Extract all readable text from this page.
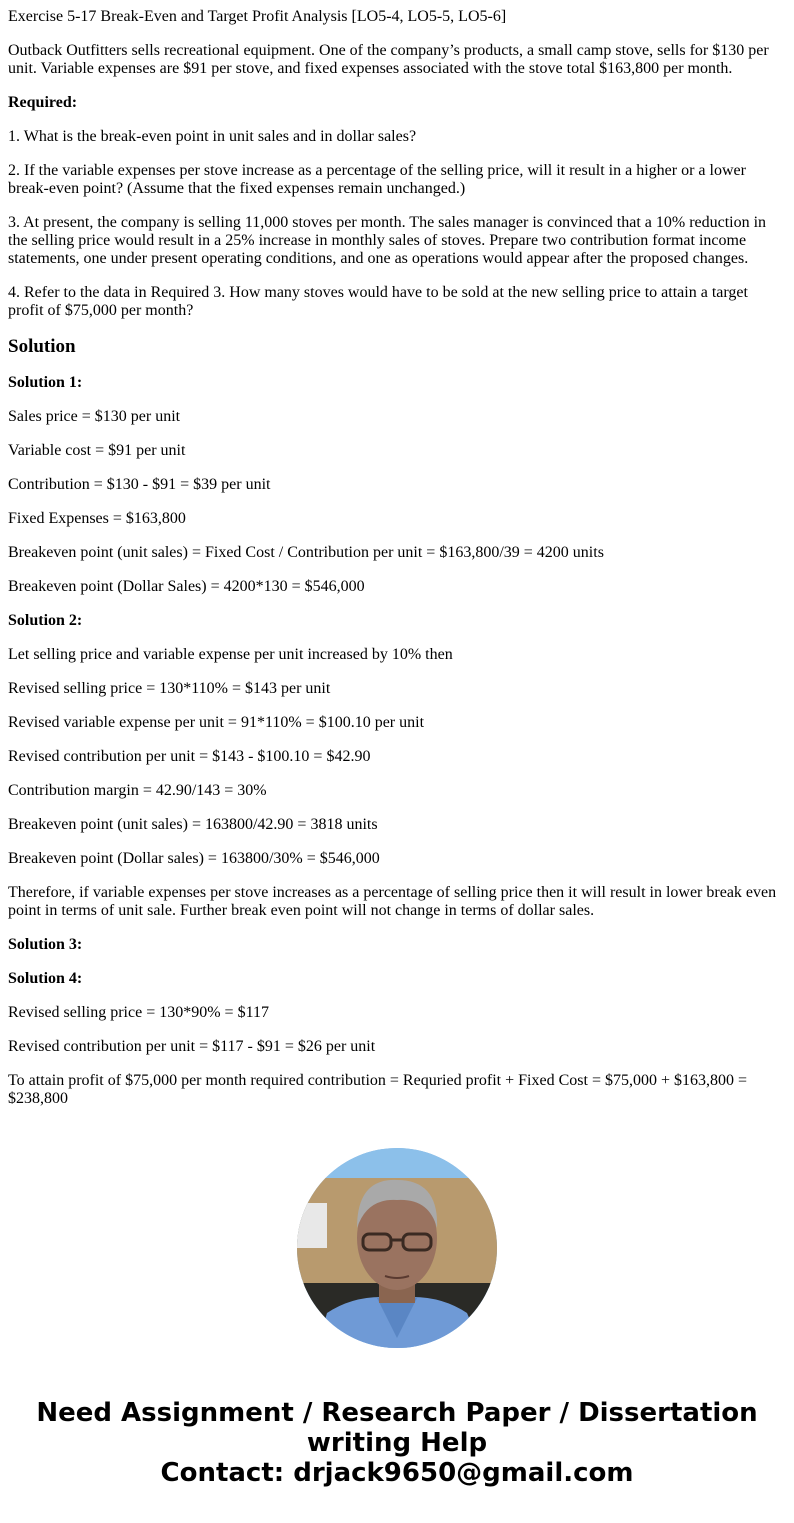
Exercise 5-17 Break-Even and Target Profit Analysis [LO5-4, LO5-5, LO5-6]

Outback Outfitters sells recreational equipment. One of the company’s products, a small camp stove, sells for $130 per unit. Variable expenses are $91 per stove, and fixed expenses associated with the stove total $163,800 per month.

Required:

1. What is the break-even point in unit sales and in dollar sales?

2. If the variable expenses per stove increase as a percentage of the selling price, will it result in a higher or a lower break-even point? (Assume that the fixed expenses remain unchanged.)

3. At present, the company is selling 11,000 stoves per month. The sales manager is convinced that a 10% reduction in the selling price would result in a 25% increase in monthly sales of stoves. Prepare two contribution format income statements, one under present operating conditions, and one as operations would appear after the proposed changes.

4. Refer to the data in Required 3. How many stoves would have to be sold at the new selling price to attain a target profit of $75,000 per month?

Solution

Solution 1:

Sales price = $130 per unit

Variable cost = $91 per unit

Contribution = $130 - $91 = $39 per unit

Fixed Expenses = $163,800

Breakeven point (unit sales) = Fixed Cost / Contribution per unit = $163,800/39 = 4200 units

Breakeven point (Dollar Sales) = 4200*130 = $546,000

Solution 2:

Let selling price and variable expense per unit increased by 10% then

Revised selling price = 130*110% = $143 per unit

Revised variable expense per unit = 91*110% = $100.10 per unit

Revised contribution per unit = $143 - $100.10 = $42.90

Contribution margin = 42.90/143 = 30%

Breakeven point (unit sales) = 163800/42.90 = 3818 units

Breakeven point (Dollar sales) = 163800/30% = $546,000

Therefore, if variable expenses per stove increases as a percentage of selling price then it will result in lower break even point in terms of unit sale. Further break even point will not change in terms of dollar sales.

Solution 3:

Solution 4:

Revised selling price = 130*90% = $117

Revised contribution per unit = $117 - $91 = $26 per unit

To attain profit of $75,000 per month required contribution = Requried profit + Fixed Cost = $75,000 + $163,800 = $238,800

Need Assignment / Research Paper / Dissertation writing Help
Contact: drjack9650@gmail.com
